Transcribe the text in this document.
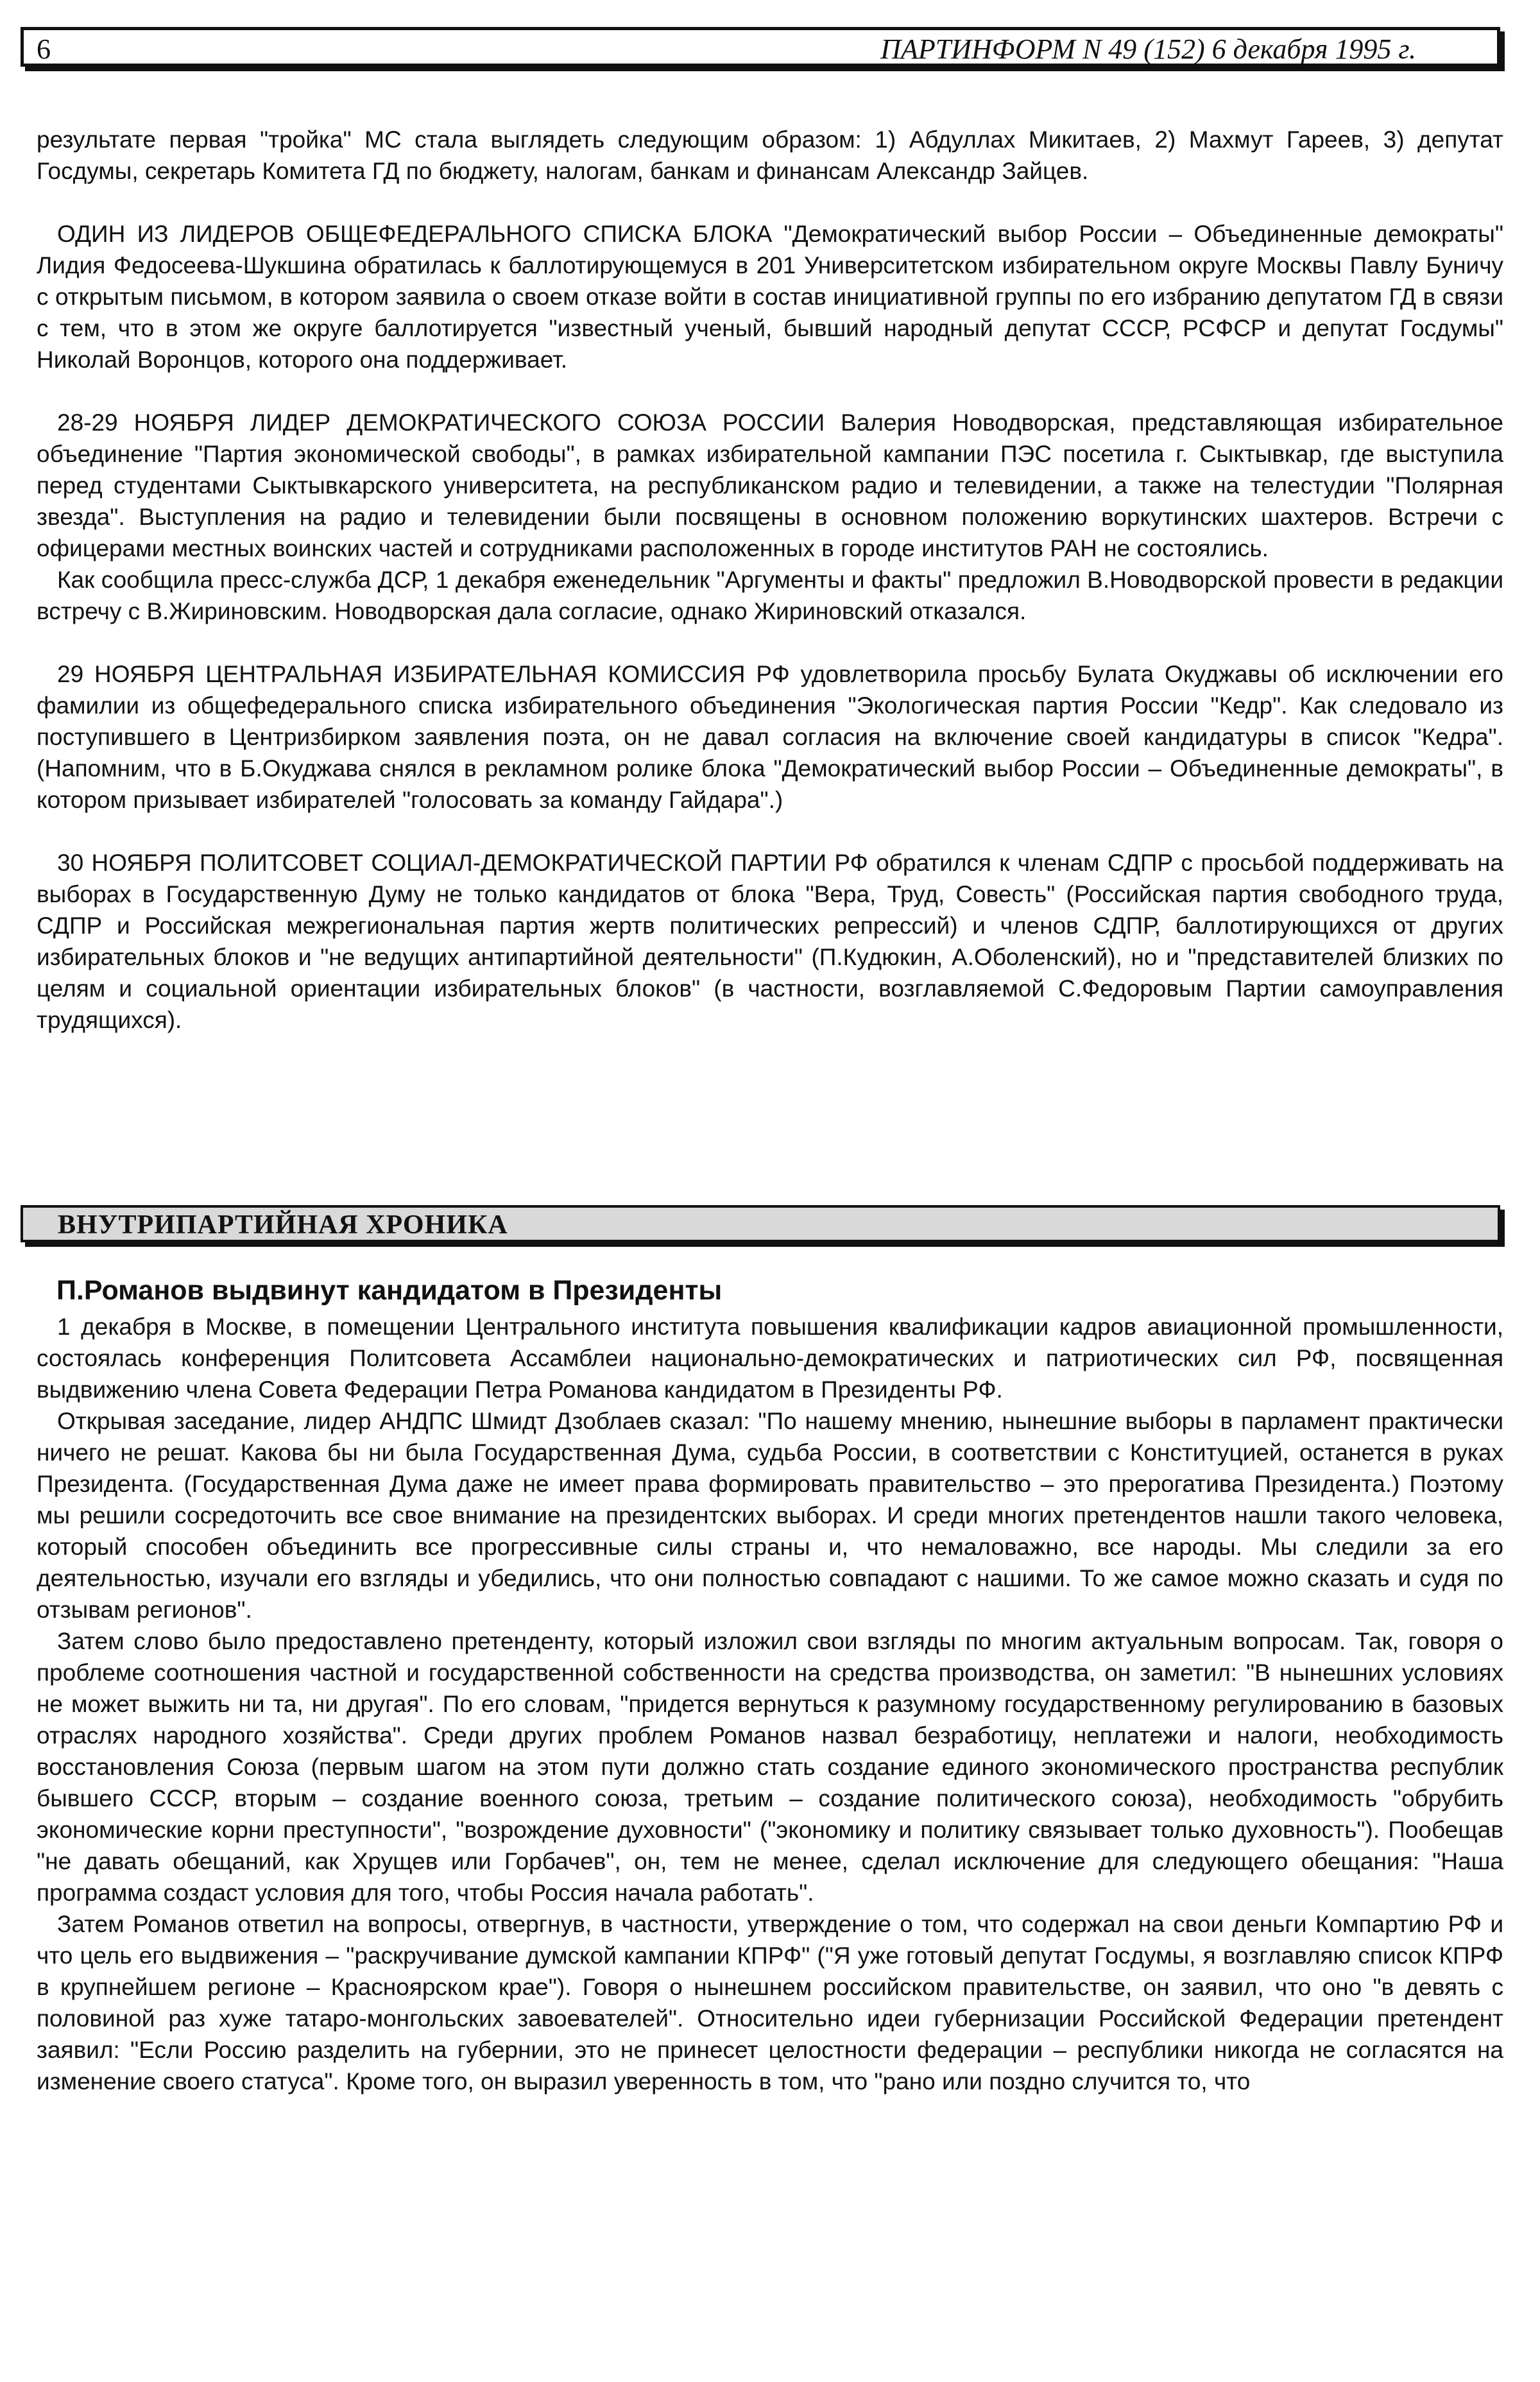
6	ПАРТИНФОРМ N 49 (152) 6 декабря 1995 г.

результате первая "тройка" МС стала выглядеть следующим образом: 1) Абдуллах Микитаев, 2) Махмут Гареев, 3) депутат Госдумы, секретарь Комитета ГД по бюджету, налогам, банкам и финансам Александр Зайцев.

ОДИН ИЗ ЛИДЕРОВ ОБЩЕФЕДЕРАЛЬНОГО СПИСКА БЛОКА "Демократический выбор России – Объединенные демократы" Лидия Федосеева-Шукшина обратилась к баллотирующемуся в 201 Университетском избирательном округе Москвы Павлу Буничу с открытым письмом, в котором заявила о своем отказе войти в состав инициативной группы по его избранию депутатом ГД в связи с тем, что в этом же округе баллотируется "известный ученый, бывший народный депутат СССР, РСФСР и депутат Госдумы" Николай Воронцов, которого она поддерживает.

28-29 НОЯБРЯ ЛИДЕР ДЕМОКРАТИЧЕСКОГО СОЮЗА РОССИИ Валерия Новодворская, представляющая избирательное объединение "Партия экономической свободы", в рамках избирательной кампании ПЭС посетила г. Сыктывкар, где выступила перед студентами Сыктывкарского университета, на республиканском радио и телевидении, а также на телестудии "Полярная звезда". Выступления на радио и телевидении были посвящены в основном положению воркутинских шахтеров. Встречи с офицерами местных воинских частей и сотрудниками расположенных в городе институтов РАН не состоялись.

Как сообщила пресс-служба ДСР, 1 декабря еженедельник "Аргументы и факты" предложил В.Новодворской провести в редакции встречу с В.Жириновским. Новодворская дала согласие, однако Жириновский отказался.

29 НОЯБРЯ ЦЕНТРАЛЬНАЯ ИЗБИРАТЕЛЬНАЯ КОМИССИЯ РФ удовлетворила просьбу Булата Окуджавы об исключении его фамилии из общефедерального списка избирательного объединения "Экологическая партия России "Кедр". Как следовало из поступившего в Центризбирком заявления поэта, он не давал согласия на включение своей кандидатуры в список "Кедра". (Напомним, что в Б.Окуджава снялся в рекламном ролике блока "Демократический выбор России – Объединенные демократы", в котором призывает избирателей "голосовать за команду Гайдара".)

30 НОЯБРЯ ПОЛИТСОВЕТ СОЦИАЛ-ДЕМОКРАТИЧЕСКОЙ ПАРТИИ РФ обратился к членам СДПР с просьбой поддерживать на выборах в Государственную Думу не только кандидатов от блока "Вера, Труд, Совесть" (Российская партия свободного труда, СДПР и Российская межрегиональная партия жертв политических репрессий) и членов СДПР, баллотирующихся от других избирательных блоков и "не ведущих антипартийной деятельности" (П.Кудюкин, А.Оболенский), но и "представителей близких по целям и социальной ориентации избирательных блоков" (в частности, возглавляемой С.Федоровым Партии самоуправления трудящихся).

ВНУТРИПАРТИЙНАЯ ХРОНИКА
П.Романов выдвинут кандидатом в Президенты

1 декабря в Москве, в помещении Центрального института повышения квалификации кадров авиационной промышленности, состоялась конференция Политсовета Ассамблеи национально-демократических и патриотических сил РФ, посвященная выдвижению члена Совета Федерации Петра Романова кандидатом в Президенты РФ.

Открывая заседание, лидер АНДПС Шмидт Дзоблаев сказал: "По нашему мнению, нынешние выборы в парламент практически ничего не решат. Какова бы ни была Государственная Дума, судьба России, в соответствии с Конституцией, останется в руках Президента. (Государственная Дума даже не имеет права формировать правительство – это прерогатива Президента.) Поэтому мы решили сосредоточить все свое внимание на президентских выборах. И среди многих претендентов нашли такого человека, который способен объединить все прогрессивные силы страны и, что немаловажно, все народы. Мы следили за его деятельностью, изучали его взгляды и убедились, что они полностью совпадают с нашими. То же самое можно сказать и судя по отзывам регионов".

Затем слово было предоставлено претенденту, который изложил свои взгляды по многим актуальным вопросам. Так, говоря о проблеме соотношения частной и государственной собственности на средства производства, он заметил: "В нынешних условиях не может выжить ни та, ни другая". По его словам, "придется вернуться к разумному государственному регулированию в базовых отраслях народного хозяйства". Среди других проблем Романов назвал безработицу, неплатежи и налоги, необходимость восстановления Союза (первым шагом на этом пути должно стать создание единого экономического пространства республик бывшего СССР, вторым – создание военного союза, третьим – создание политического союза), необходимость "обрубить экономические корни преступности", "возрождение духовности" ("экономику и политику связывает только духовность"). Пообещав "не давать обещаний, как Хрущев или Горбачев", он, тем не менее, сделал исключение для следующего обещания: "Наша программа создаст условия для того, чтобы Россия начала работать".

Затем Романов ответил на вопросы, отвергнув, в частности, утверждение о том, что содержал на свои деньги Компартию РФ и что цель его выдвижения – "раскручивание думской кампании КПРФ" ("Я уже готовый депутат Госдумы, я возглавляю список КПРФ в крупнейшем регионе – Красноярском крае"). Говоря о нынешнем российском правительстве, он заявил, что оно "в девять с половиной раз хуже татаро-монгольских завоевателей". Относительно идеи губернизации Российской Федерации претендент заявил: "Если Россию разделить на губернии, это не принесет целостности федерации – республики никогда не согласятся на изменение своего статуса". Кроме того, он выразил уверенность в том, что "рано или поздно случится то, что
